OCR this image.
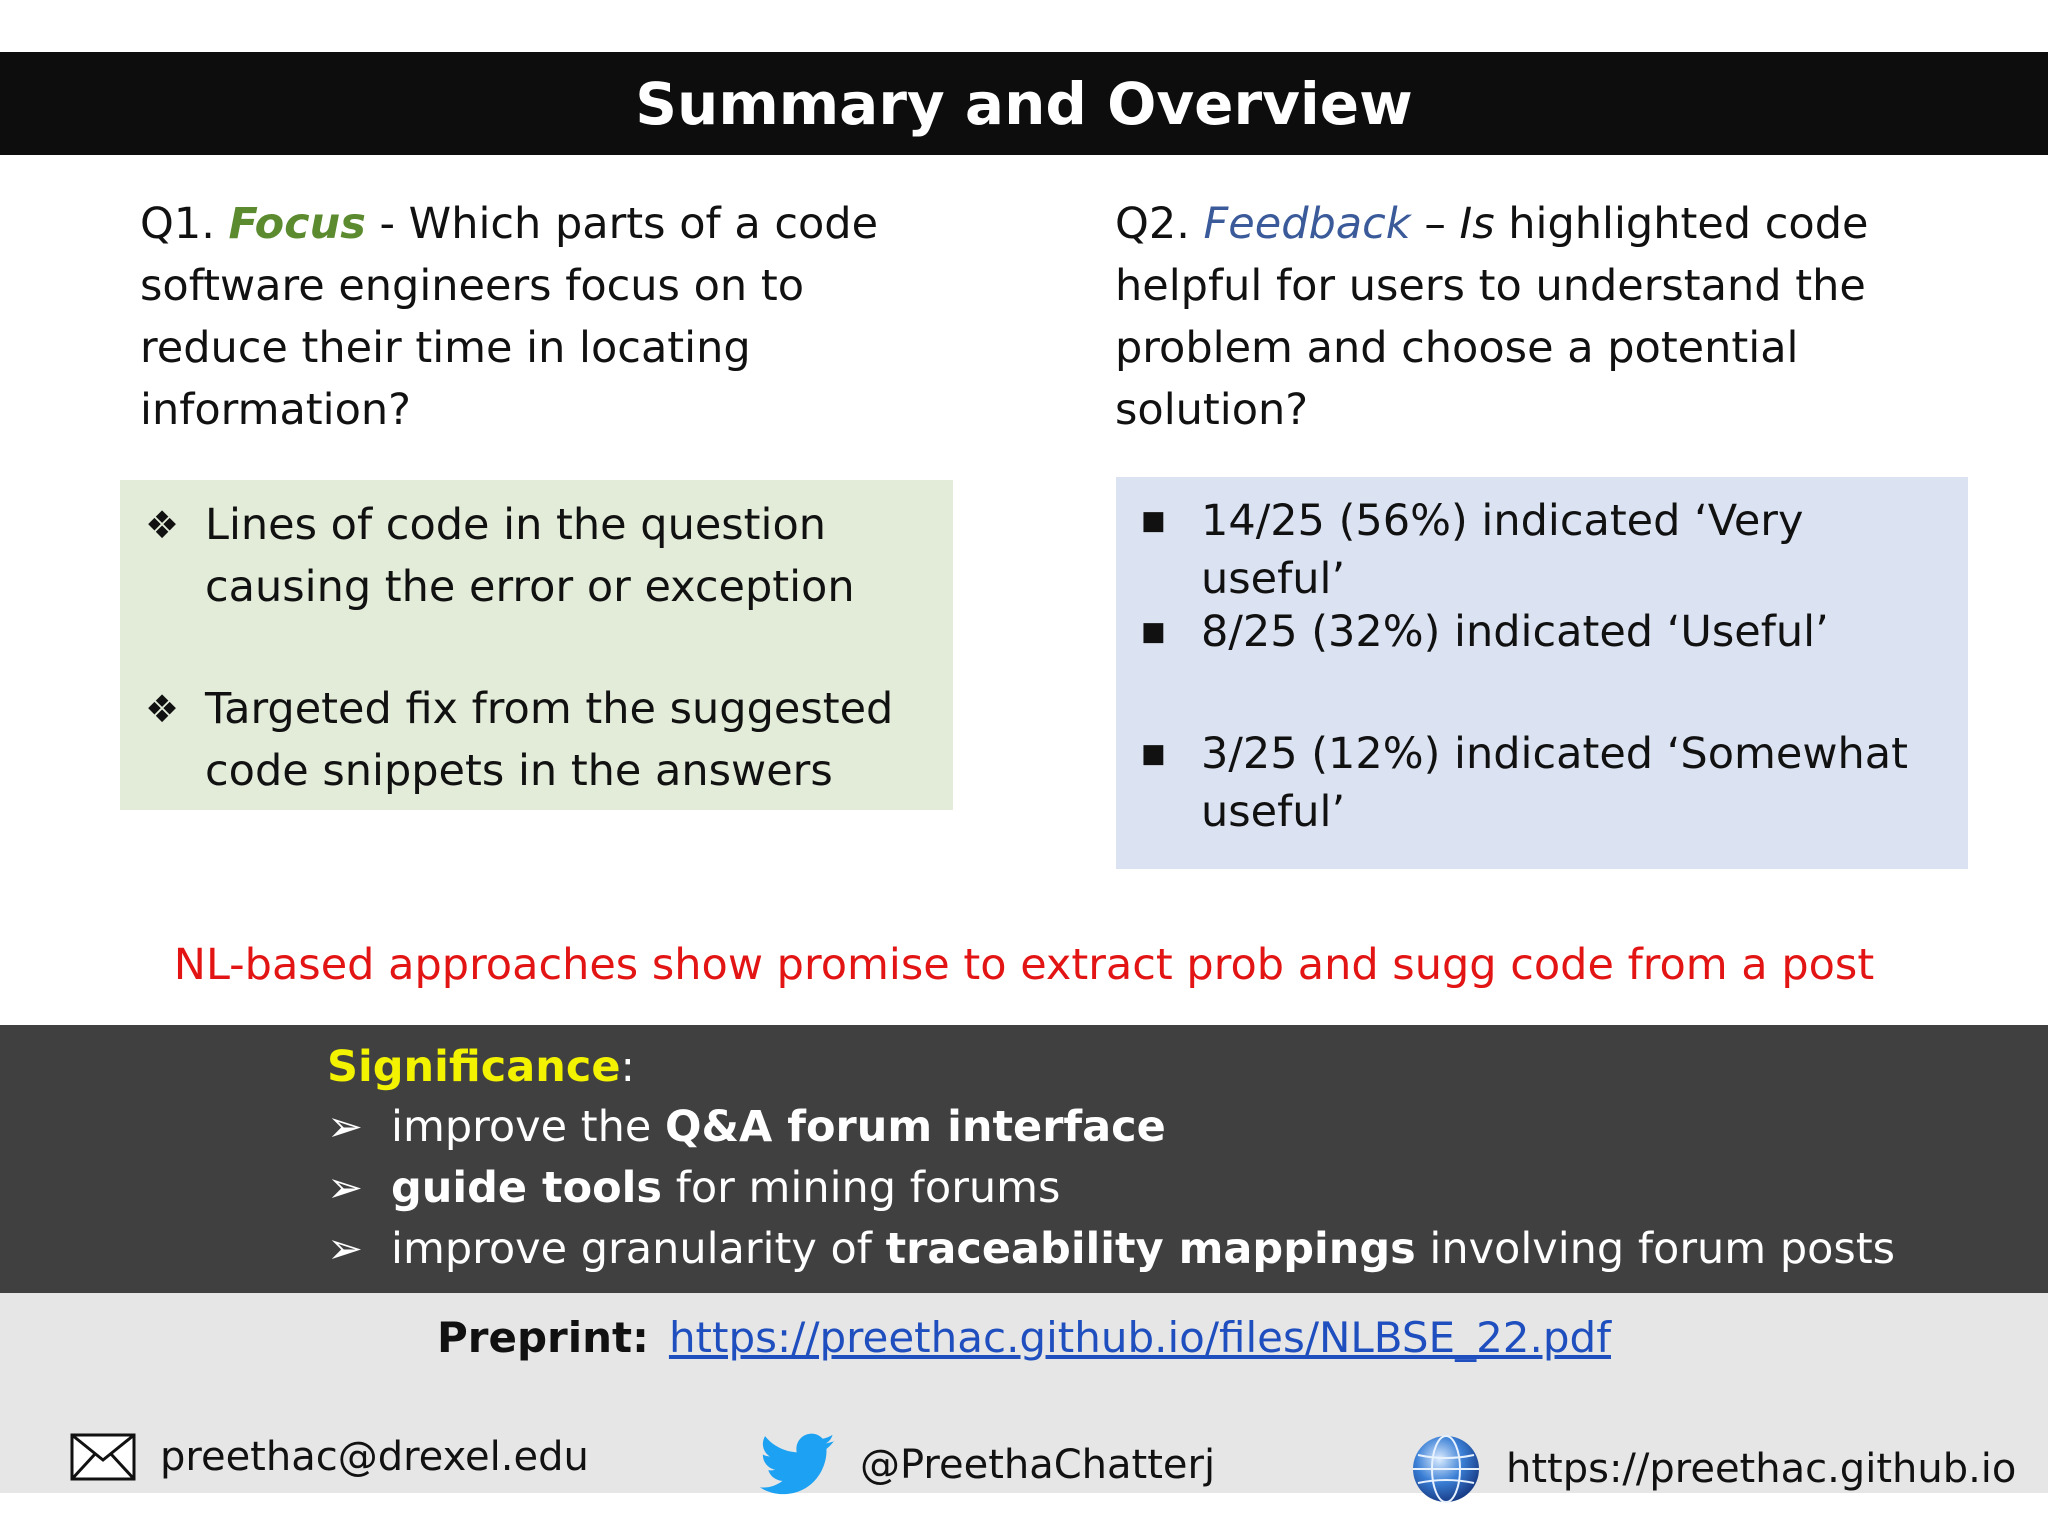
Summary and Overview
Q1. Focus - Which parts of a code software engineers focus on to reduce their time in locating information?
Q2. Feedback – Is highlighted code helpful for users to understand the problem and choose a potential solution?
❖ Lines of code in the question causing the error or exception
❖ Targeted fix from the suggested code snippets in the answers
■ 14/25 (56%) indicated ‘Very useful’
■ 8/25 (32%) indicated ‘Useful’
■ 3/25 (12%) indicated ‘Somewhat useful’
NL-based approaches show promise to extract prob and sugg code from a post
Significance:
➢ improve the Q&A forum interface
➢ guide tools for mining forums
➢ improve granularity of traceability mappings involving forum posts
Preprint: https://preethac.github.io/files/NLBSE_22.pdf
preethac@drexel.edu	@PreethaChatterj	https://preethac.github.io
